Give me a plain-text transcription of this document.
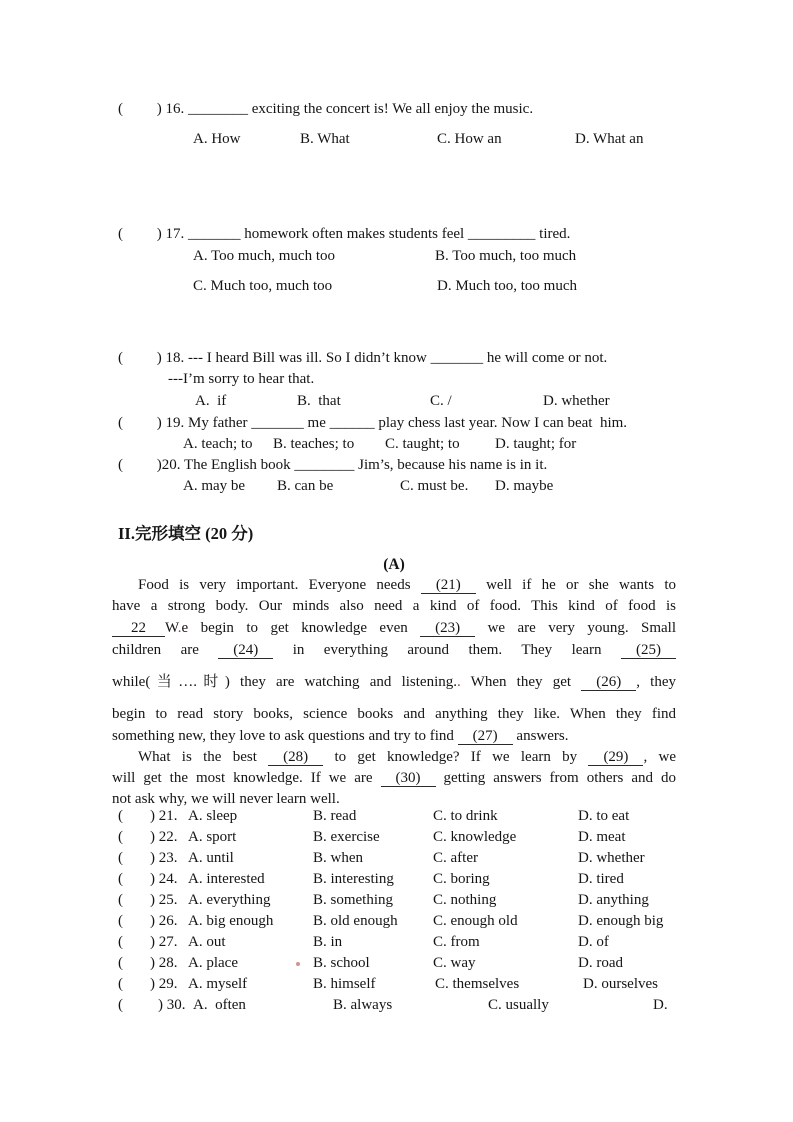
(         ) 16. ________ exciting the concert is! We all enjoy the music.
A. How	B. What	C. How an	D. What an
(         ) 17. _______ homework often makes students feel _________ tired.
A. Too much, much too	B. Too much, too much
C. Much too, much too	D. Much too, too much
(         ) 18. --- I heard Bill was ill. So I didn’t know _______ he will come or not.
---I’m sorry to hear that.
A.  if	B.  that	C. /	D. whether
(         ) 19. My father _______ me ______ play chess last year. Now I can beat  him.
A. teach; to B. teaches; to C. taught; to D. taught; for
(         )20. The English book ________ Jim’s, because his name is in it.
A. may be B. can be	C. must be. D. maybe
II.完形填空 (20 分)
(A)
Food is very important. Everyone needs (21) well if he or she wants to
have a strong body. Our minds also need a kind of food. This kind of food is
22 W.e begin to get knowledge even (23) we are very young. Small
children are (24) in everything around them. They learn (25)
while(当….时) they are watching and listening.. When they get (26) , they
begin to read story books, science books and anything they like. When they find
something new, they love to ask questions and try to find (27) answers.
What is the best (28) to get knowledge? If we learn by (29) , we
will get the most knowledge. If we are (30) getting answers from others and do
not ask why, we will never learn well.
( ) 21. A. sleep	B. read	C. to drink	D. to eat
( ) 22. A. sport	B. exercise	C. knowledge	D. meat
( ) 23. A. until	B. when	C. after	D. whether
( ) 24. A. interested	B. interesting	C. boring	D. tired
( ) 25. A. everything	B. something	C. nothing	D. anything
( ) 26. A. big enough	B. old enough C. enough old	D. enough big
( ) 27. A. out	B. in	C. from	D. of
( ) 28. A. place	B. school	C. way	D. road
( ) 29. A. myself	B. himself	C. themselves	D. ourselves
( ) 30. A.  often	B. always	C. usually	D.
